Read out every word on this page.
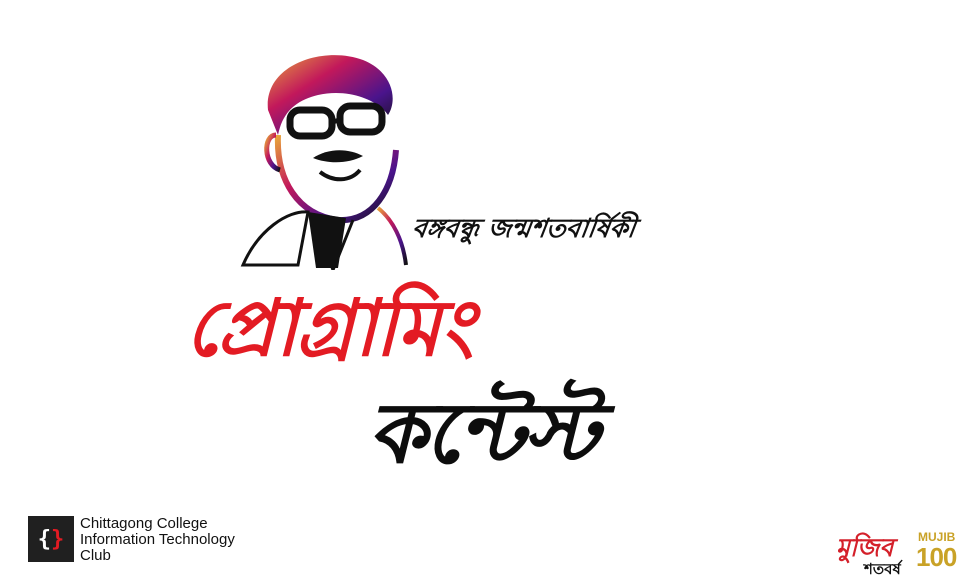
বঙ্গবন্ধু জন্মশতবার্ষিকী
প্রোগ্রামিং
কন্টেস্ট
{ }
Chittagong College
Information Technology
Club	মুজিব
শতবর্ষ
MUJIB
100
